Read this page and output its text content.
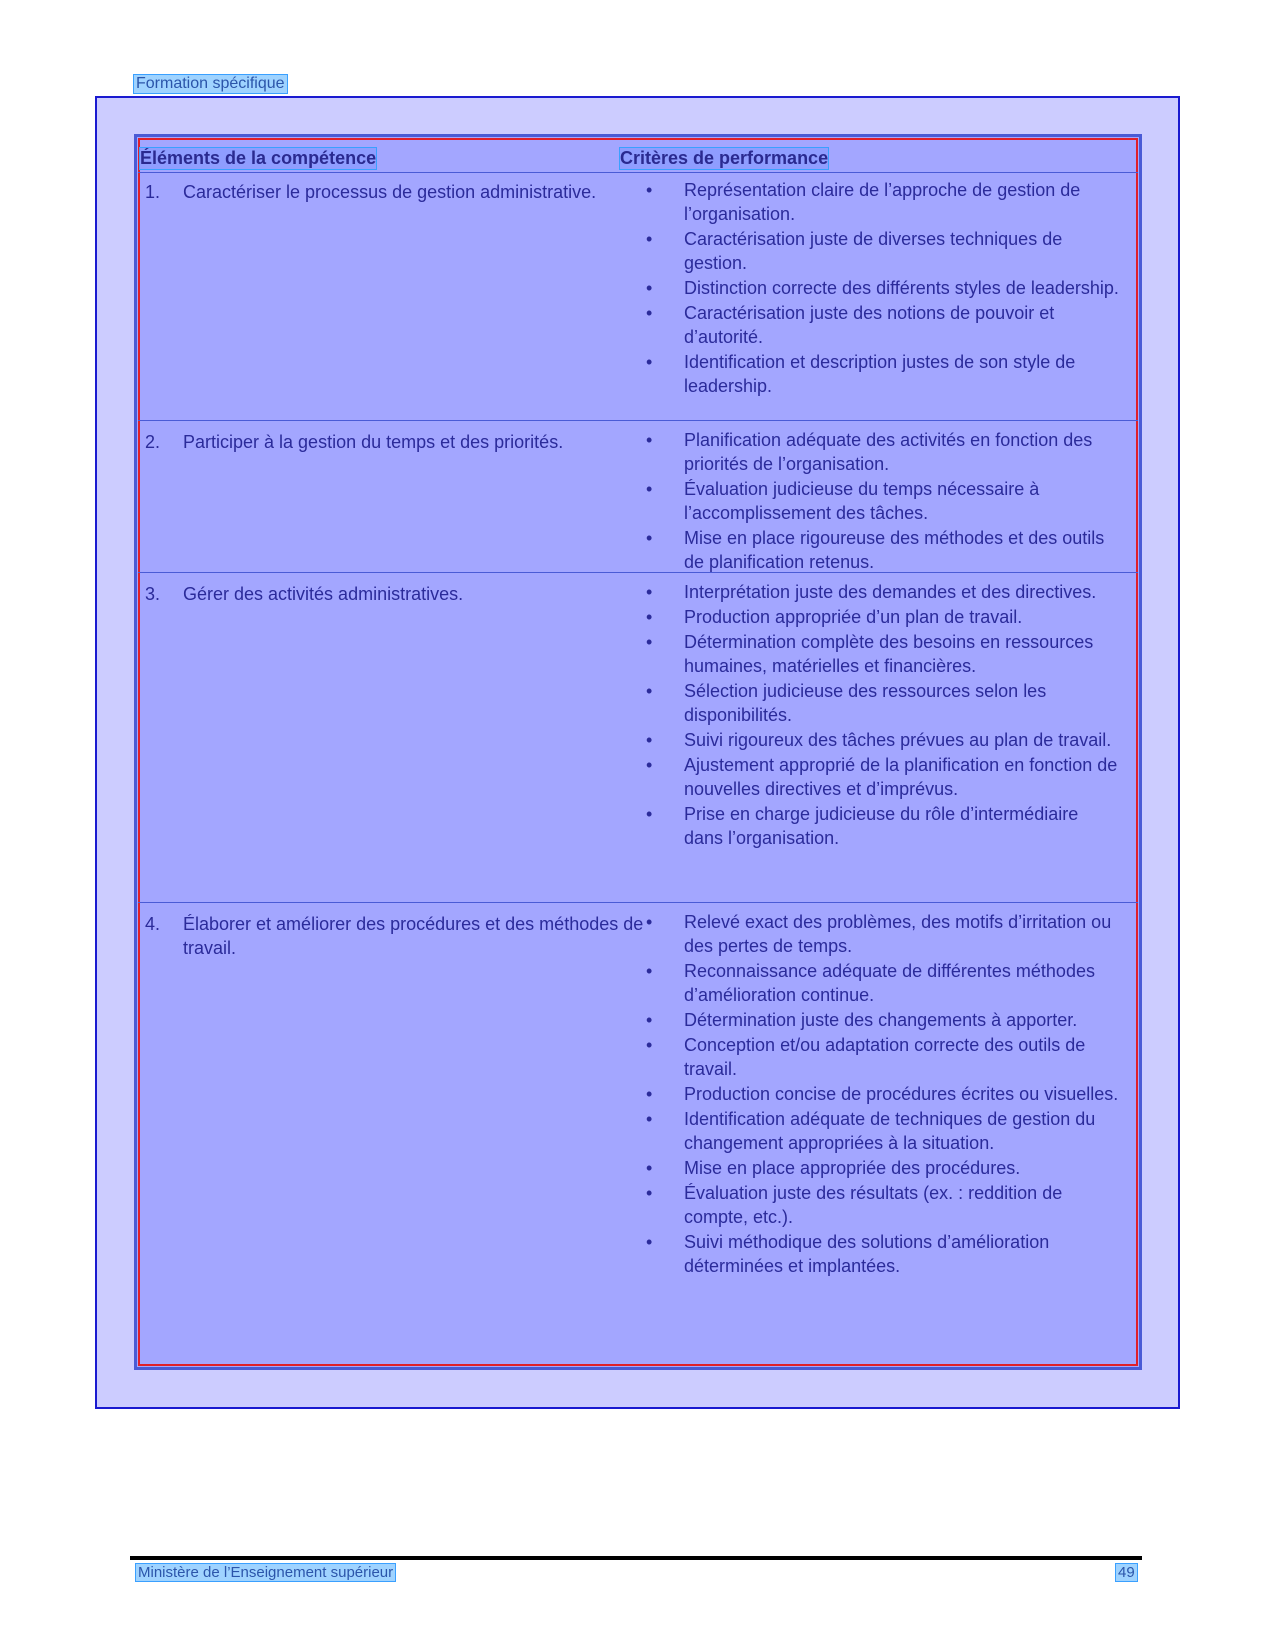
Formation spécifique
Éléments de la compétence	Critères de performance
1. Caractériser le processus de gestion administrative.	• Représentation claire de l’approche de gestion de l’organisation.
• Caractérisation juste de diverses techniques de gestion.
• Distinction correcte des différents styles de leadership.
• Caractérisation juste des notions de pouvoir et d’autorité.
• Identification et description justes de son style de leadership.
2. Participer à la gestion du temps et des priorités.	• Planification adéquate des activités en fonction des priorités de l’organisation.
• Évaluation judicieuse du temps nécessaire à l’accomplissement des tâches.
• Mise en place rigoureuse des méthodes et des outils de planification retenus.
3. Gérer des activités administratives.	• Interprétation juste des demandes et des directives.
• Production appropriée d’un plan de travail.
• Détermination complète des besoins en ressources humaines, matérielles et financières.
• Sélection judicieuse des ressources selon les disponibilités.
• Suivi rigoureux des tâches prévues au plan de travail.
• Ajustement approprié de la planification en fonction de nouvelles directives et d’imprévus.
• Prise en charge judicieuse du rôle d’intermédiaire dans l’organisation.
4. Élaborer et améliorer des procédures et des méthodes de travail.
• Relevé exact des problèmes, des motifs d’irritation ou des pertes de temps.
• Reconnaissance adéquate de différentes méthodes d’amélioration continue.
• Détermination juste des changements à apporter.
• Conception et/ou adaptation correcte des outils de travail.
• Production concise de procédures écrites ou visuelles.
• Identification adéquate de techniques de gestion du changement appropriées à la situation.
• Mise en place appropriée des procédures.
• Évaluation juste des résultats (ex. : reddition de compte, etc.).
• Suivi méthodique des solutions d’amélioration déterminées et implantées.
Ministère de l’Enseignement supérieur	49
